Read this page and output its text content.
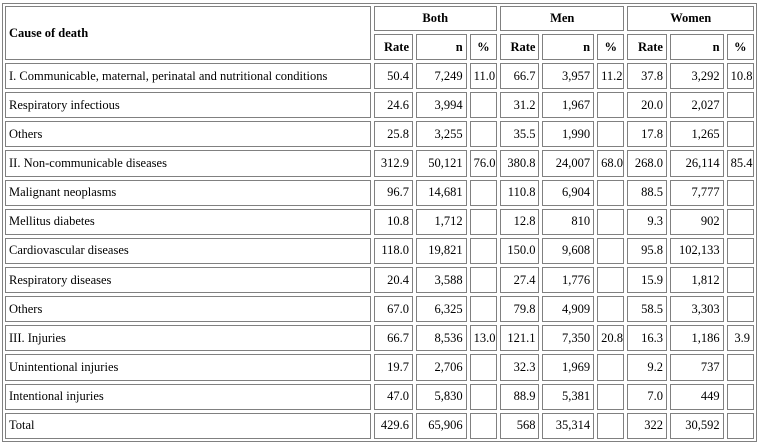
Cause of death	Both			Men			Women		
	Rate	n	%	Rate	n	%	Rate	n	%
I. Communicable, maternal, perinatal and nutritional conditions	50.4	7,249	11.0	66.7	3,957	11.2	37.8	3,292	10.8
Respiratory infectious	24.6	3,994		31.2	1,967		20.0	2,027	
Others	25.8	3,255		35.5	1,990		17.8	1,265	
II. Non-communicable diseases	312.9	50,121	76.0	380.8	24,007	68.0	268.0	26,114	85.4
Malignant neoplasms	96.7	14,681		110.8	6,904		88.5	7,777	
Mellitus diabetes	10.8	1,712		12.8	810		9.3	902	
Cardiovascular diseases	118.0	19,821		150.0	9,608		95.8	102,133	
Respiratory diseases	20.4	3,588		27.4	1,776		15.9	1,812	
Others	67.0	6,325		79.8	4,909		58.5	3,303	
III. Injuries	66.7	8,536	13.0	121.1	7,350	20.8	16.3	1,186	3.9
Unintentional injuries	19.7	2,706		32.3	1,969		9.2	737	
Intentional injuries	47.0	5,830		88.9	5,381		7.0	449	
Total	429.6	65,906		568	35,314		322	30,592	
